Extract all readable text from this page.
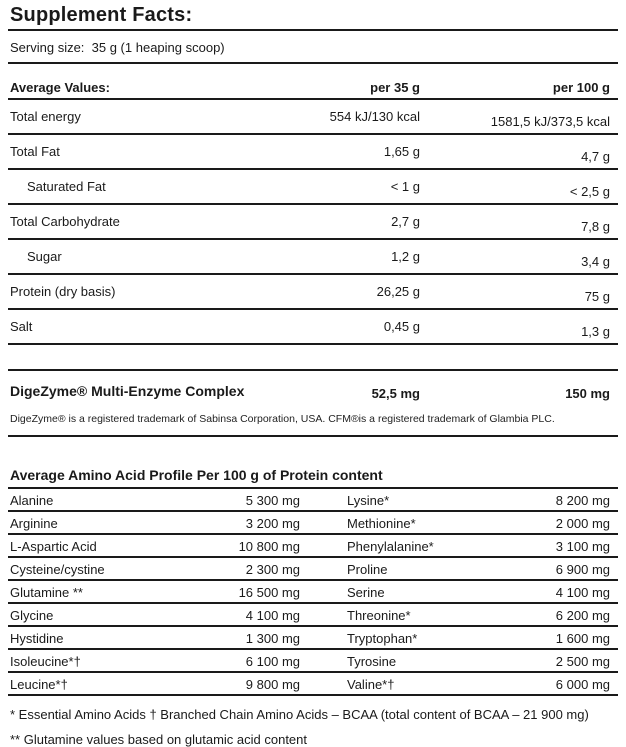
Supplement Facts:
Serving size:  35 g (1 heaping scoop)
Average Values:	per 35 g	per 100 g
Total energy	554 kJ/130 kcal	1581,5 kJ/373,5 kcal
Total Fat	1,65 g	4,7 g
Saturated Fat	< 1 g	< 2,5 g
Total Carbohydrate	2,7 g	7,8 g
Sugar	1,2 g	3,4 g
Protein (dry basis)	26,25 g	75 g
Salt	0,45 g	1,3 g
DigeZyme® Multi-Enzyme Complex	52,5 mg	150 mg
DigeZyme® is a registered trademark of Sabinsa Corporation, USA. CFM®is a registered trademark of Glambia PLC.
Average Amino Acid Profile Per 100 g of Protein content
Alanine	5 300 mg	Lysine*	8 200 mg
Arginine	3 200 mg	Methionine*	2 000 mg
L-Aspartic Acid	10 800 mg	Phenylalanine*	3 100 mg
Cysteine/cystine	2 300 mg	Proline	6 900 mg
Glutamine **	16 500 mg	Serine	4 100 mg
Glycine	4 100 mg	Threonine*	6 200 mg
Hystidine	1 300 mg	Tryptophan*	1 600 mg
Isoleucine*†	6 100 mg	Tyrosine	2 500 mg
Leucine*†	9 800 mg	Valine*†	6 000 mg
* Essential Amino Acids † Branched Chain Amino Acids – BCAA (total content of BCAA – 21 900 mg)
** Glutamine values based on glutamic acid content
